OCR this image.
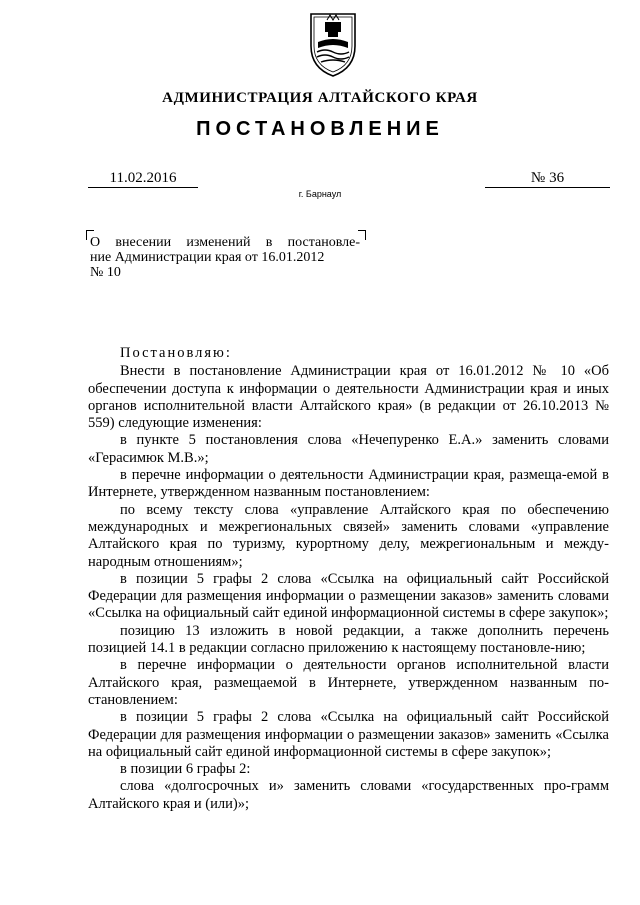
АДМИНИСТРАЦИЯ АЛТАЙСКОГО КРАЯ
ПОСТАНОВЛЕНИЕ
11.02.2016	№ 36
г. Барнаул
О внесении изменений в постановле-
ние Администрации края от 16.01.2012
№ 10

Постановляю:

Внести в постановление Администрации края от 16.01.2012 № 10 «Об обеспечении доступа к информации о деятельности Администрации края и иных органов исполнительной власти Алтайского края» (в редакции от 26.10.2013 № 559) следующие изменения:

в пункте 5 постановления слова «Нечепуренко Е.А.» заменить словами «Герасимюк М.В.»;

в перечне информации о деятельности Администрации края, размеща-емой в Интернете, утвержденном названным постановлением:

по всему тексту слова «управление Алтайского края по обеспечению международных и межрегиональных связей» заменить словами «управление Алтайского края по туризму, курортному делу, межрегиональным и между-народным отношениям»;

в позиции 5 графы 2 слова «Ссылка на официальный сайт Российской Федерации для размещения информации о размещении заказов» заменить словами «Ссылка на официальный сайт единой информационной системы в сфере закупок»;

позицию 13 изложить в новой редакции, а также дополнить перечень позицией 14.1 в редакции согласно приложению к настоящему постановле-нию;

в перечне информации о деятельности органов исполнительной власти Алтайского края, размещаемой в Интернете, утвержденном названным по-становлением:

в позиции 5 графы 2 слова «Ссылка на официальный сайт Российской Федерации для размещения информации о размещении заказов» заменить «Ссылка на официальный сайт единой информационной системы в сфере закупок»;

в позиции 6 графы 2:

слова «долгосрочных и» заменить словами «государственных про-грамм Алтайского края и (или)»;
